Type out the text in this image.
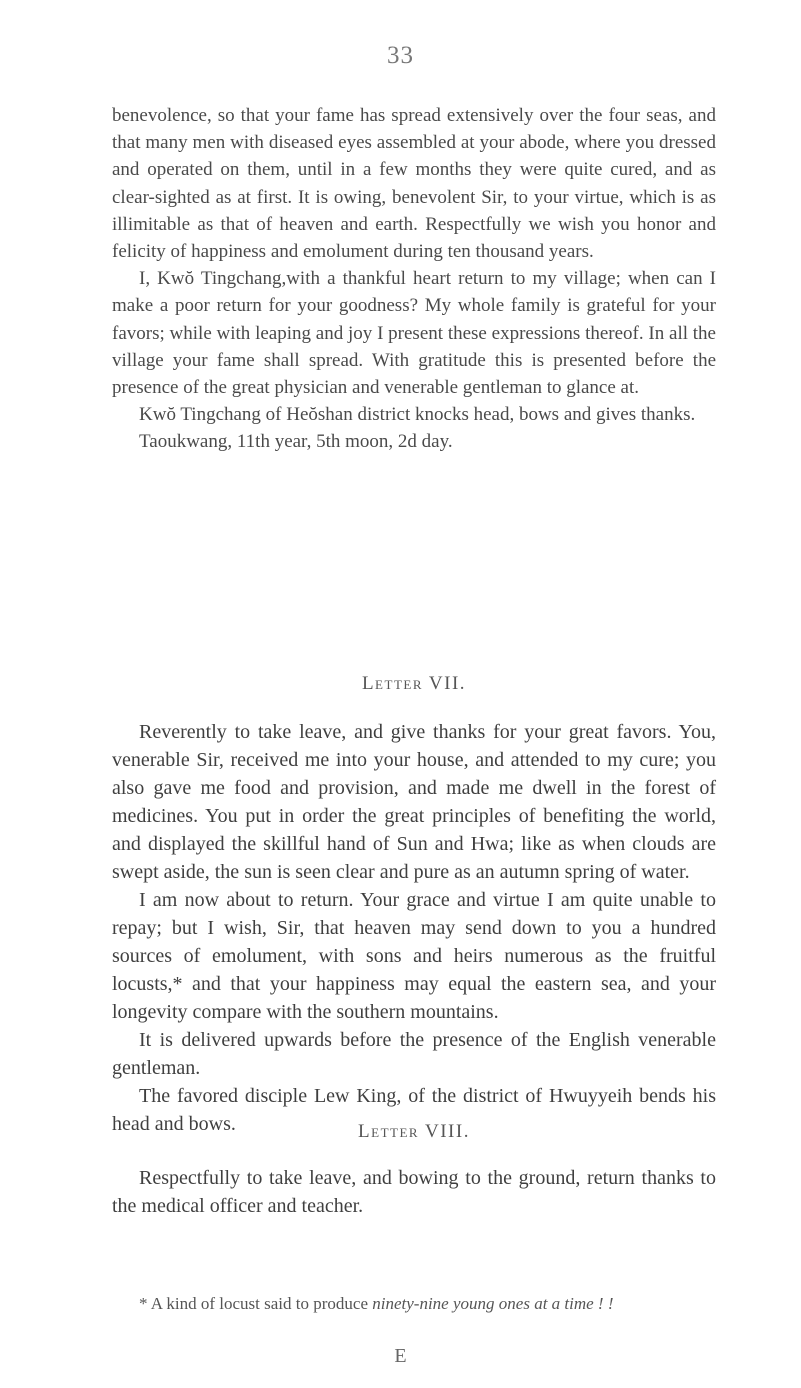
33

benevolence, so that your fame has spread extensively over the four seas, and that many men with diseased eyes assembled at your abode, where you dressed and operated on them, until in a few months they were quite cured, and as clear-sighted as at first. It is owing, benevolent Sir, to your virtue, which is as illimitable as that of heaven and earth. Respectfully we wish you honor and felicity of happiness and emolument during ten thousand years.

I, Kwŏ Tingchang,with a thankful heart return to my village; when can I make a poor return for your goodness? My whole family is grateful for your favors; while with leaping and joy I present these expressions thereof. In all the village your fame shall spread. With gratitude this is presented before the presence of the great physician and venerable gentleman to glance at.

Kwŏ Tingchang of Heŏshan district knocks head, bows and gives thanks.

Taoukwang, 11th year, 5th moon, 2d day.

Letter VII.

Reverently to take leave, and give thanks for your great favors. You, venerable Sir, received me into your house, and attended to my cure; you also gave me food and provision, and made me dwell in the forest of medicines. You put in order the great principles of benefiting the world, and displayed the skillful hand of Sun and Hwa; like as when clouds are swept aside, the sun is seen clear and pure as an autumn spring of water.

I am now about to return. Your grace and virtue I am quite unable to repay; but I wish, Sir, that heaven may send down to you a hundred sources of emolument, with sons and heirs numerous as the fruitful locusts,* and that your happiness may equal the eastern sea, and your longevity compare with the southern mountains.

It is delivered upwards before the presence of the English venerable gentleman.

The favored disciple Lew King, of the district of Hwuyyeih bends his head and bows.	Letter VIII.

Respectfully to take leave, and bowing to the ground, return thanks to the medical officer and teacher.

* A kind of locust said to produce ninety-nine young ones at a time ! !

E
